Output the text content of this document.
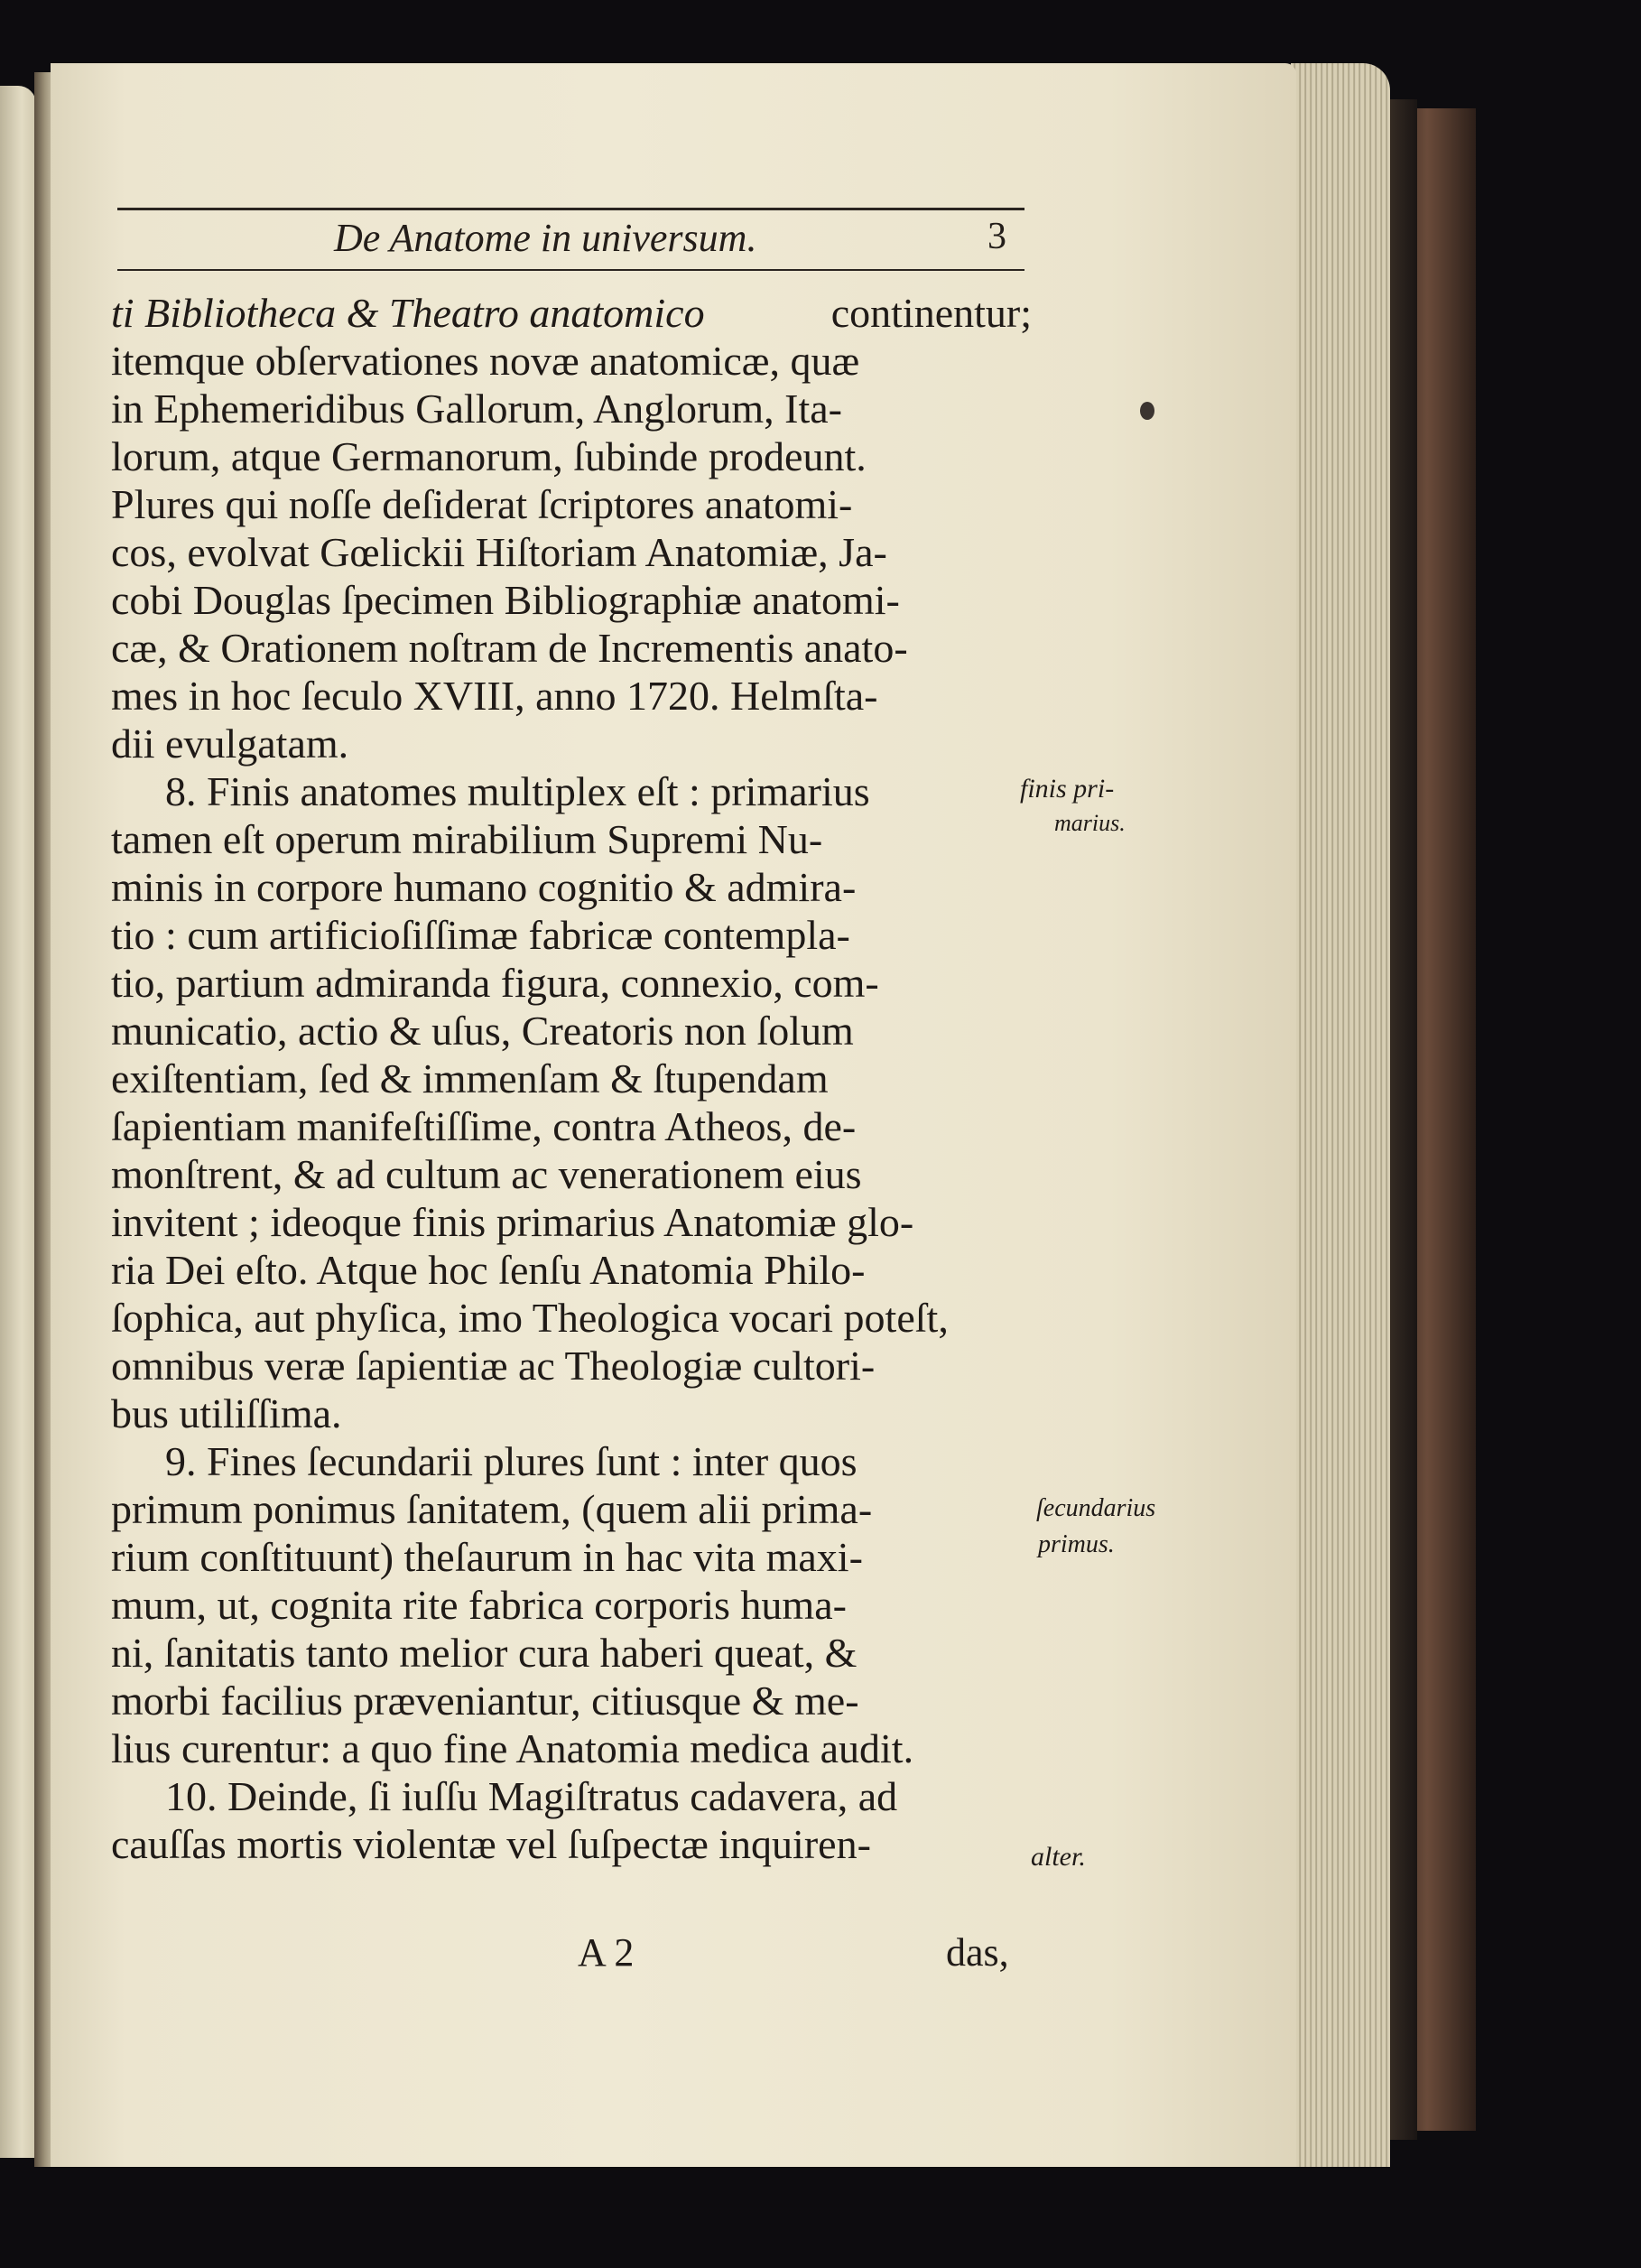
De Anatome in universum.	3
ti Bibliotheca & Theatro anatomico	continentur;
itemque obſervationes novæ anatomicæ, quæ
in Ephemeridibus Gallorum, Anglorum, Ita-
lorum, atque Germanorum, ſubinde prodeunt.
Plures qui noſſe deſiderat ſcriptores anatomi-
cos, evolvat Gœlickii Hiſtoriam Anatomiæ, Ja-
cobi Douglas ſpecimen Bibliographiæ anatomi-
cæ, & Orationem noſtram de Incrementis anato-
mes in hoc ſeculo XVIII, anno 1720. Helmſta-
dii evulgatam.
8. Finis anatomes multiplex eſt : primarius
tamen eſt operum mirabilium Supremi Nu-
minis in corpore humano cognitio & admira-
tio : cum artificioſiſſimæ fabricæ contempla-
tio, partium admiranda figura, connexio, com-
municatio, actio & uſus, Creatoris non ſolum
exiſtentiam, ſed & immenſam & ſtupendam
ſapientiam manifeſtiſſime, contra Atheos, de-
monſtrent, & ad cultum ac venerationem eius
invitent ; ideoque finis primarius Anatomiæ glo-
ria Dei eſto. Atque hoc ſenſu Anatomia Philo-
ſophica, aut phyſica, imo Theologica vocari poteſt,
omnibus veræ ſapientiæ ac Theologiæ cultori-
bus utiliſſima.
9. Fines ſecundarii plures ſunt : inter quos
primum ponimus ſanitatem, (quem alii prima-
rium conſtituunt) theſaurum in hac vita maxi-
mum, ut, cognita rite fabrica corporis huma-
ni, ſanitatis tanto melior cura haberi queat, &
morbi facilius præveniantur, citiusque & me-
lius curentur: a quo fine Anatomia medica audit.
10. Deinde, ſi iuſſu Magiſtratus cadavera, ad
cauſſas mortis violentæ vel ſuſpectæ inquiren-
finis pri-
marius.
ſecundarius
primus.
alter.
A 2	das,
